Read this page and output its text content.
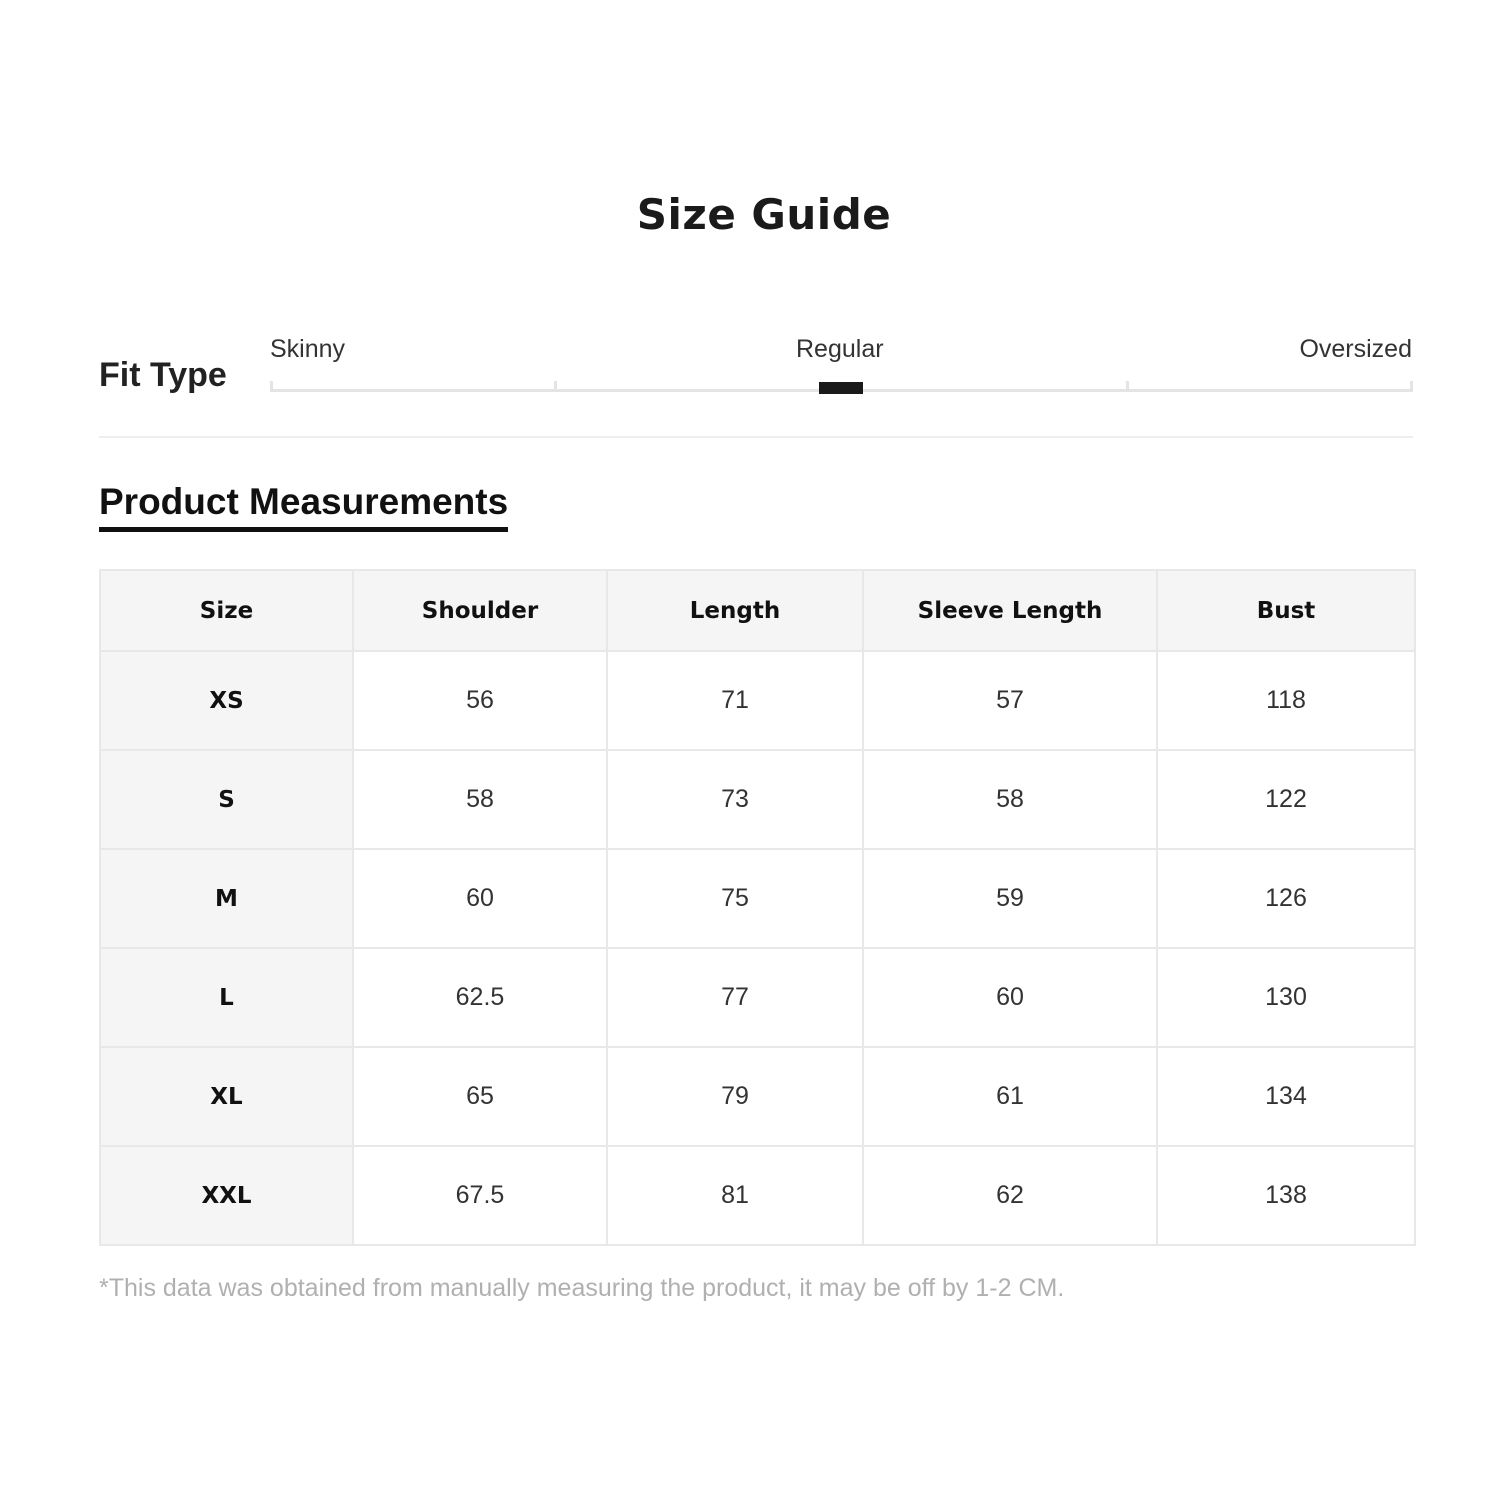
Size Guide
Fit Type
Skinny	Regular	Oversized
Product Measurements
Size	Shoulder	Length	Sleeve Length	Bust
XS	56	71	57	118
S	58	73	58	122
M	60	75	59	126
L	62.5	77	60	130
XL	65	79	61	134
XXL	67.5	81	62	138
*This data was obtained from manually measuring the product, it may be off by 1-2 CM.
